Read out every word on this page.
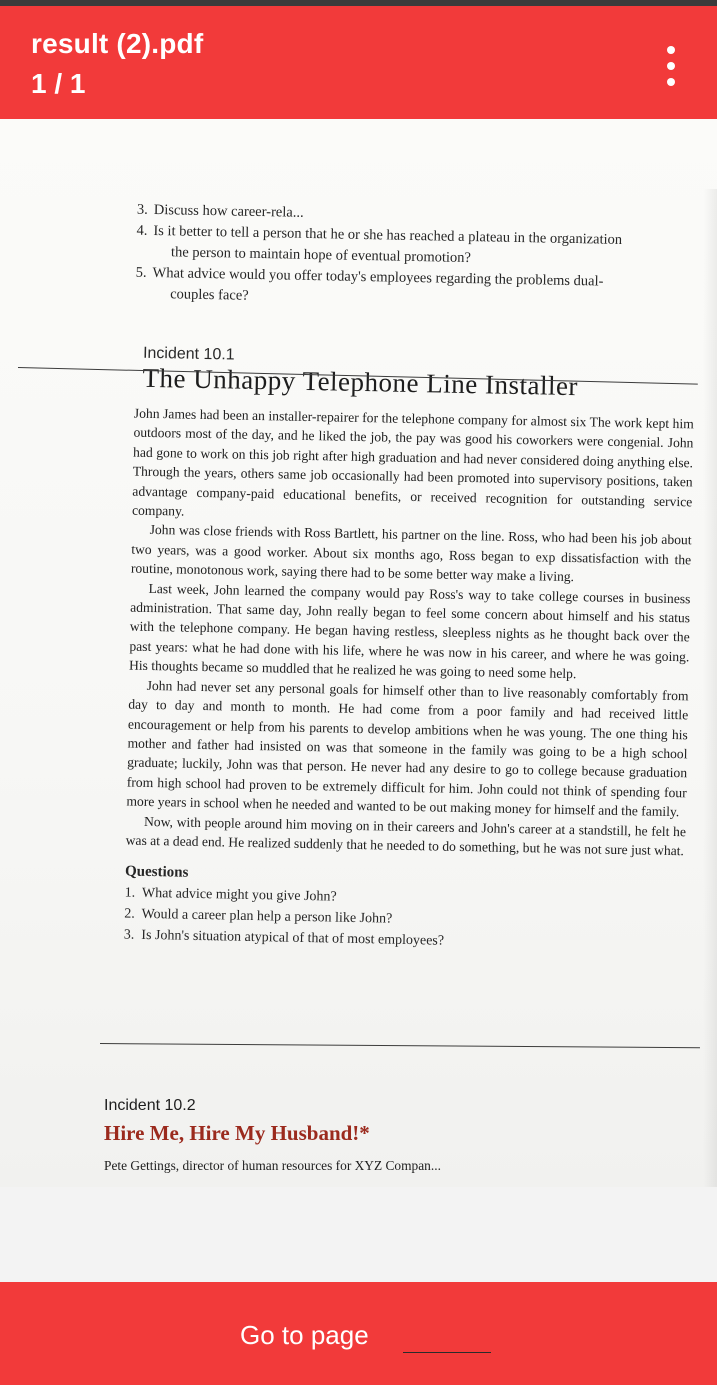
result (2).pdf
1 / 1

3. Discuss how career-rela...

4. Is it better to tell a person that he or she has reached a plateau in the organization

the person to maintain hope of eventual promotion?

5. What advice would you offer today's employees regarding the problems dual-

couples face?

Incident 10.1

The Unhappy Telephone Line Installer

John James had been an installer-repairer for the telephone company for almost six The work kept him outdoors most of the day, and he liked the job, the pay was good his coworkers were congenial. John had gone to work on this job right after high graduation and had never considered doing anything else. Through the years, others same job occasionally had been promoted into supervisory positions, taken advantage company-paid educational benefits, or received recognition for outstanding service company.

John was close friends with Ross Bartlett, his partner on the line. Ross, who had been his job about two years, was a good worker. About six months ago, Ross began to exp dissatisfaction with the routine, monotonous work, saying there had to be some better way make a living.

Last week, John learned the company would pay Ross's way to take college courses in business administration. That same day, John really began to feel some concern about himself and his status with the telephone company. He began having restless, sleepless nights as he thought back over the past years: what he had done with his life, where he was now in his career, and where he was going. His thoughts became so muddled that he realized he was going to need some help.

John had never set any personal goals for himself other than to live reasonably comfortably from day to day and month to month. He had come from a poor family and had received little encouragement or help from his parents to develop ambitions when he was young. The one thing his mother and father had insisted on was that someone in the family was going to be a high school graduate; luckily, John was that person. He never had any desire to go to college because graduation from high school had proven to be extremely difficult for him. John could not think of spending four more years in school when he needed and wanted to be out making money for himself and the family.

Now, with people around him moving on in their careers and John's career at a standstill, he felt he was at a dead end. He realized suddenly that he needed to do something, but he was not sure just what.

Questions

1. What advice might you give John?

2. Would a career plan help a person like John?

3. Is John's situation atypical of that of most employees?

Incident 10.2

Hire Me, Hire My Husband!*

Pete Gettings, director of human resources for XYZ Compan...

Go to page
